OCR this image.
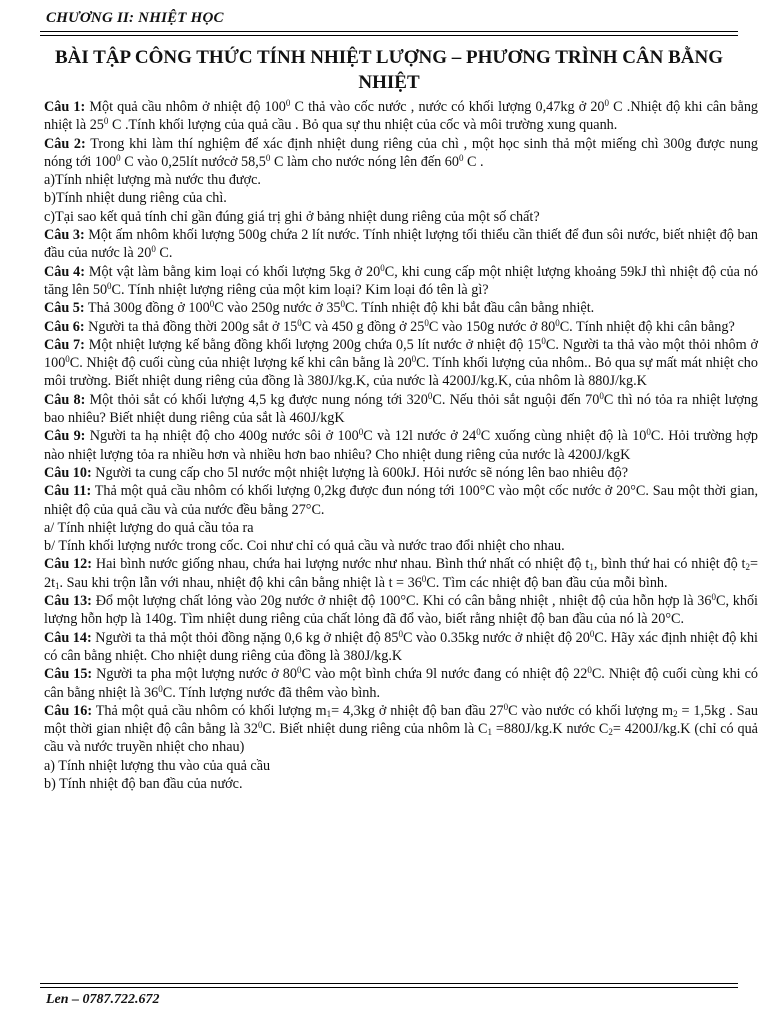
CHƯƠNG II: NHIỆT HỌC
BÀI TẬP CÔNG THỨC TÍNH NHIỆT LƯỢNG – PHƯƠNG TRÌNH CÂN BẰNG NHIỆT

Câu 1: Một quả cầu nhôm ở nhiệt độ $100^0$ C thả vào cốc nước , nước có khối lượng 0,47kg ở $20^0$ C .Nhiệt độ khi cân bằng nhiệt là $25^0$ C .Tính khối lượng của quả cầu . Bỏ qua sự thu nhiệt của cốc và môi trường xung quanh.

Câu 2: Trong khi làm thí nghiệm để xác định nhiệt dung riêng của chì , một học sinh thả một miếng chì 300g được nung nóng tới $100^0$ C vào 0,25lít nướcở 58,5$^0$ C làm cho nước nóng lên đến $60^0$ C .

a)Tính nhiệt lượng mà nước thu được.

b)Tính nhiệt dung riêng của chì.

c)Tại sao kết quả tính chỉ gần đúng giá trị ghi ở bảng nhiệt dung riêng của một số chất?

Câu 3: Một ấm nhôm khối lượng 500g chứa 2 lít nước. Tính nhiệt lượng tối thiểu cần thiết để đun sôi nước, biết nhiệt độ ban đầu của nước là $20^0$ C.

Câu 4: Một vật làm bằng kim loại có khối lượng 5kg ở $20^0C$, khi cung cấp một nhiệt lượng khoảng 59kJ thì nhiệt độ của nó tăng lên $50^0C$. Tính nhiệt lượng riêng của một kim loại? Kim loại đó tên là gì?

Câu 5: Thả 300g đồng ở $100^0C$ vào 250g nước ở $35^0C$. Tính nhiệt độ khi bắt đầu cân bằng nhiệt.

Câu 6: Người ta thả đồng thời 200g sắt ở $15^0C$ và 450 g đồng ở $25^0C$ vào 150g nước ở $80^0C$. Tính nhiệt độ khi cân bằng?

Câu 7: Một nhiệt lượng kế bằng đồng khối lượng 200g chứa 0,5 lít nước ở nhiệt độ $15^0C$. Người ta thả vào một thỏi nhôm ở $100^0C$. Nhiệt độ cuối cùng của nhiệt lượng kế khi cân bằng là $20^0C$. Tính khối lượng của nhôm.. Bỏ qua sự mất mát nhiệt cho môi trường. Biết nhiệt dung riêng của đồng là 380J/kg.K, của nước là 4200J/kg.K, của nhôm là 880J/kg.K

Câu 8: Một thỏi sắt có khối lượng 4,5 kg được nung nóng tới $320^0C$. Nếu thỏi sắt nguội đến $70^0C$ thì nó tỏa ra nhiệt lượng bao nhiêu? Biết nhiệt dung riêng của sắt là 460J/kgK

Câu 9: Người ta hạ nhiệt độ cho 400g nước sôi ở $100^0C$ và 12l nước ở $24^0C$ xuống cùng nhiệt độ là $10^0C$. Hỏi trường hợp nào nhiệt lượng tỏa ra nhiều hơn và nhiều hơn bao nhiêu? Cho nhiệt dung riêng của nước là 4200J/kgK

Câu 10: Người ta cung cấp cho 5l nước một nhiệt lượng là 600kJ. Hỏi nước sẽ nóng lên bao nhiêu độ?

Câu 11: Thả một quả cầu nhôm có khối lượng 0,2kg được đun nóng tới 100°C vào một cốc nước ở 20°C. Sau một thời gian, nhiệt độ của quả cầu và của nước đều bằng 27°C.

a/ Tính nhiệt lượng do quả cầu tỏa ra

b/ Tính khối lượng nước trong cốc. Coi như chỉ có quả cầu và nước trao đổi nhiệt cho nhau.

Câu 12: Hai bình nước giống nhau, chứa hai lượng nước như nhau. Bình thứ nhất có nhiệt độ $t_1$, bình thứ hai có nhiệt độ $t_2= 2t_1$. Sau khi trộn lẫn với nhau, nhiệt độ khi cân bằng nhiệt là $t = 36^0C$. Tìm các nhiệt độ ban đầu của mỗi bình.

Câu 13: Đổ một lượng chất lỏng vào 20g nước ở nhiệt độ 100°C. Khi có cân bằng nhiệt , nhiệt độ của hỗn hợp là $36^0C$, khối lượng hỗn hợp là 140g. Tìm nhiệt dung riêng của chất lỏng đã đổ vào, biết rằng nhiệt độ ban đầu của nó là 20°C.

Câu 14: Người ta thả một thỏi đồng nặng 0,6 kg ở nhiệt độ $85^0C$ vào 0.35kg nước ở nhiệt độ $20^0C$. Hãy xác định nhiệt độ khi có cân bằng nhiệt. Cho nhiệt dung riêng của đồng là 380J/kg.K

Câu 15: Người ta pha một lượng nước ở $80^0C$ vào một bình chứa 9l nước đang có nhiệt độ $22^0C$. Nhiệt độ cuối cùng khi có cân bằng nhiệt là $36^0C$. Tính lượng nước đã thêm vào bình.

Câu 16: Thả một quả cầu nhôm có khối lượng $m_1= 4,3kg$ ở nhiệt độ ban đầu $27^0C$ vào nước có khối lượng $m_2 = 1,5kg$ . Sau một thời gian nhiệt độ cân bằng là $32^0C$. Biết nhiệt dung riêng của nhôm là $C_1 =880J/kg.K$ nước $C_2= 4200J/kg.K$ (chỉ có quả cầu và nước truyền nhiệt cho nhau)

a) Tính nhiệt lượng thu vào của quả cầu

b) Tính nhiệt độ ban đầu của nước.

Len – 0787.722.672
